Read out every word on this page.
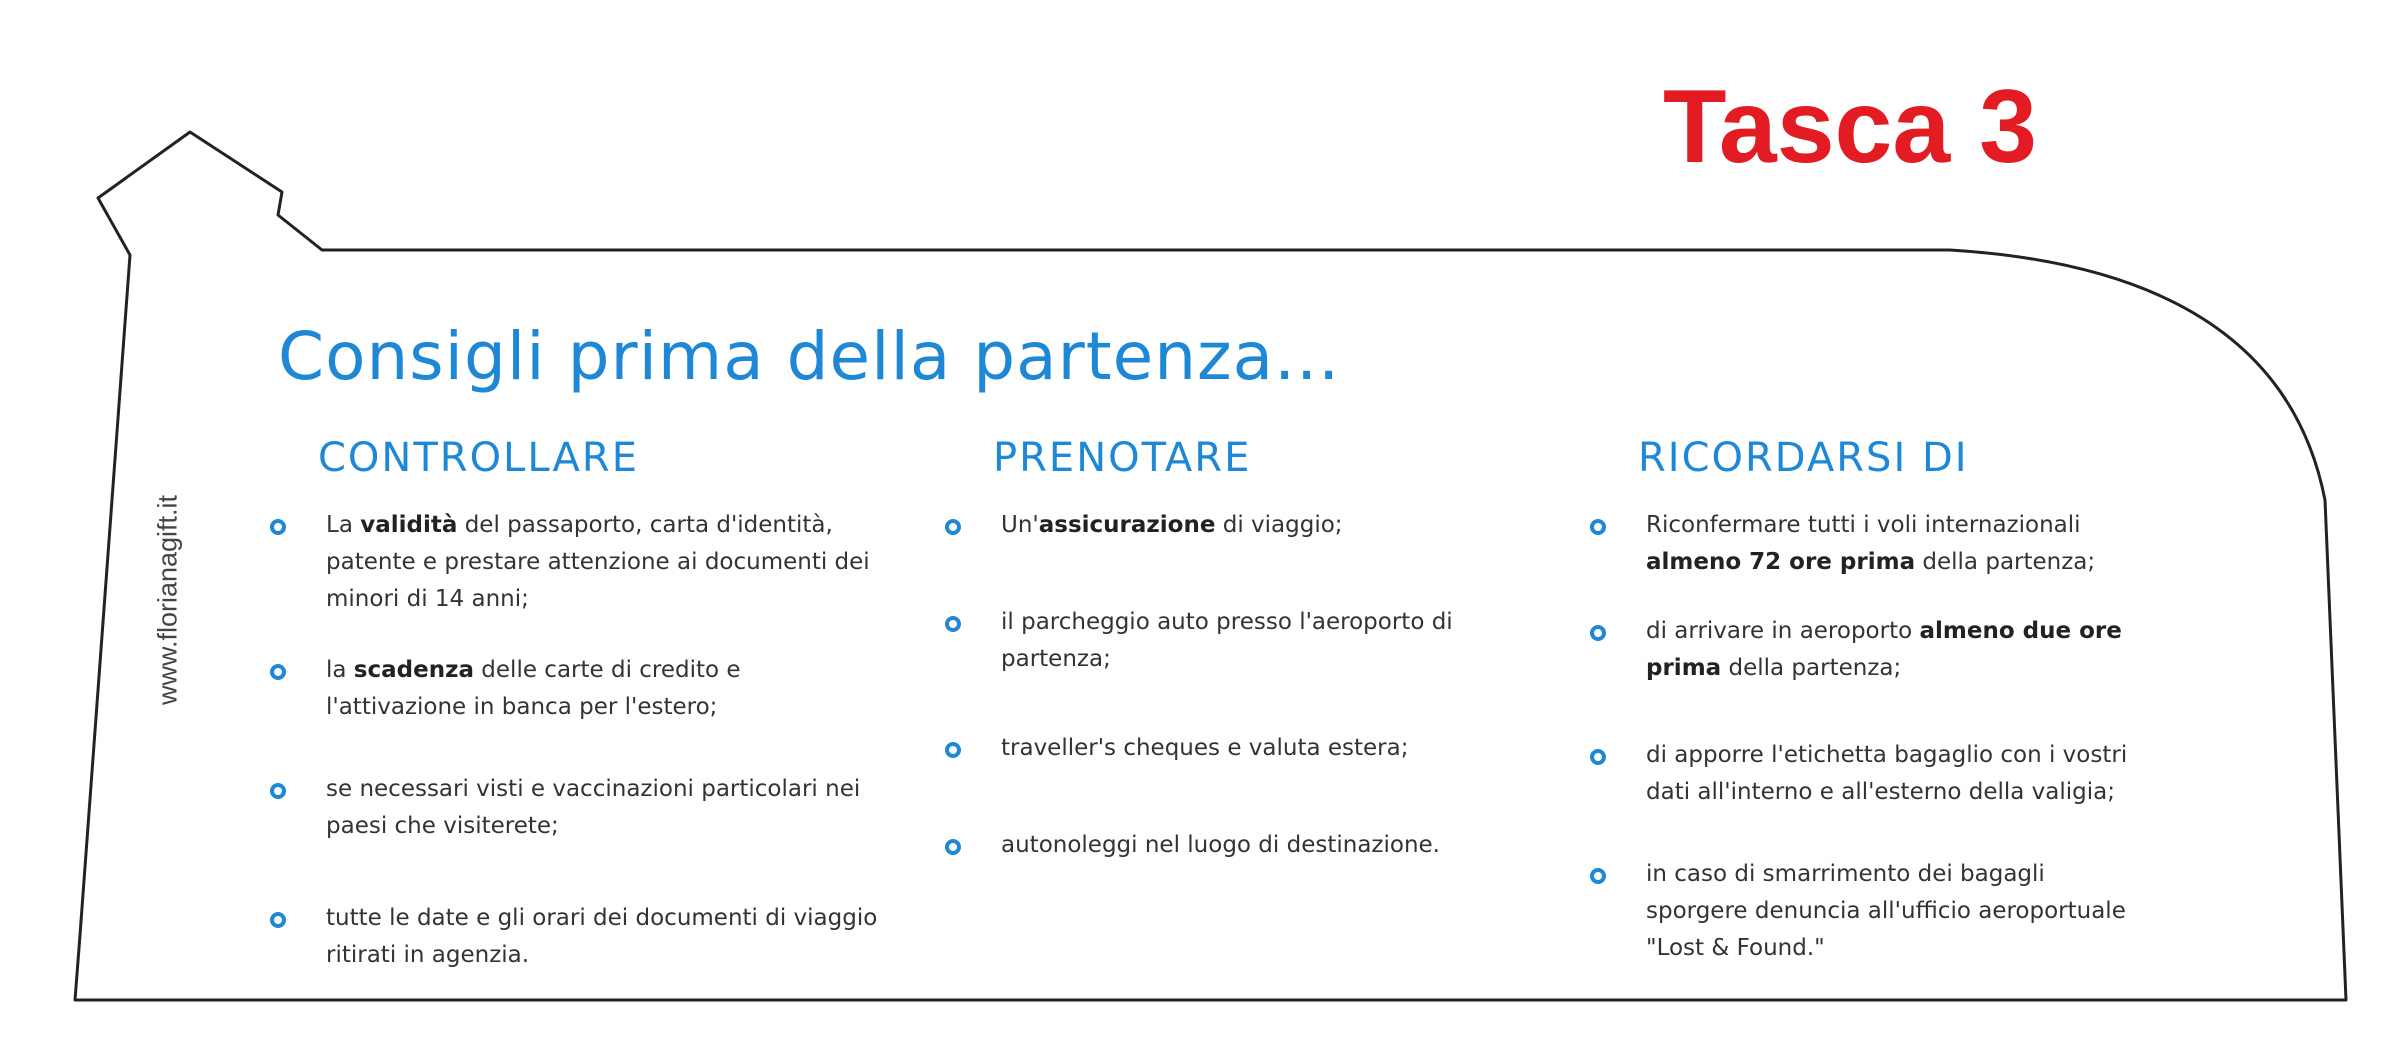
Tasca 3
Consigli prima della partenza...
www.florianagift.it
CONTROLLARE
La validità del passaporto, carta d'identità, patente e prestare attenzione ai documenti dei minori di 14 anni;
la scadenza delle carte di credito e l'attivazione in banca per l'estero;
se necessari visti e vaccinazioni particolari nei paesi che visiterete;
tutte le date e gli orari dei documenti di viaggio ritirati in agenzia.
PRENOTARE
Un'assicurazione di viaggio;
il parcheggio auto presso l'aeroporto di partenza;
traveller's cheques e valuta estera;
autonoleggi nel luogo di destinazione.
RICORDARSI DI
Riconfermare tutti i voli internazionali almeno 72 ore prima della partenza;
di arrivare in aeroporto almeno due ore prima della partenza;
di apporre l'etichetta bagaglio con i vostri dati all'interno e all'esterno della valigia;
in caso di smarrimento dei bagagli sporgere denuncia all'ufficio aeroportuale "Lost & Found."
